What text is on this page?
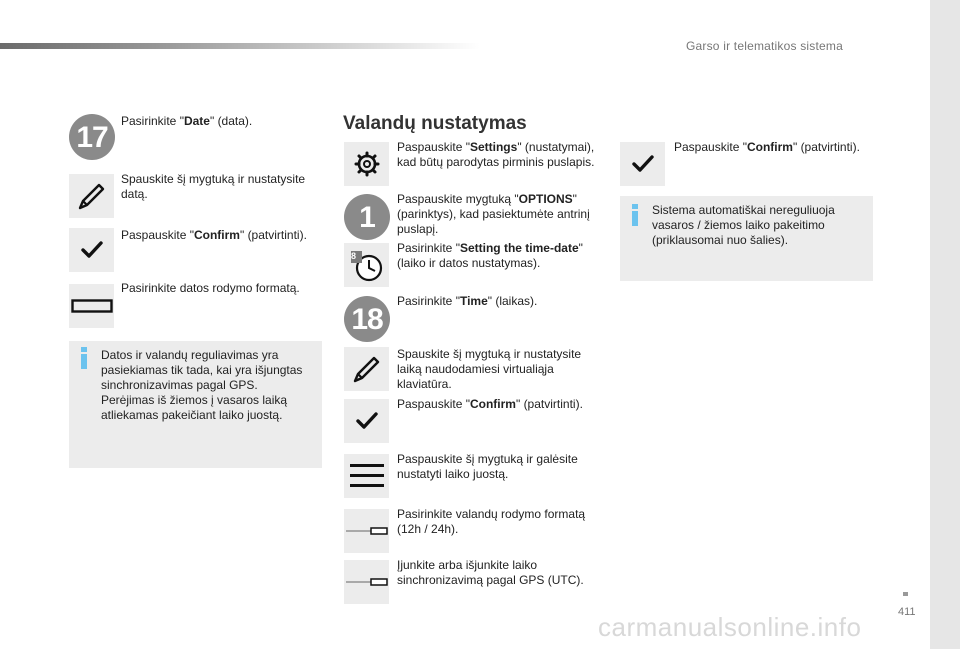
Garso ir telematikos sistema
411
17	Pasirinkite "Date" (data).
Spauskite šį mygtuką ir nustatysite datą.
Paspauskite "Confirm" (patvirtinti).
Pasirinkite datos rodymo formatą.
Datos ir valandų reguliavimas yra pasiekiamas tik tada, kai yra išjungtas sinchronizavimas pagal GPS.
Perėjimas iš žiemos į vasaros laiką atliekamas pakeičiant laiko juostą.
Valandų nustatymas
Paspauskite "Settings" (nustatymai), kad būtų parodytas pirminis puslapis.
1
Paspauskite mygtuką "OPTIONS" (parinktys), kad pasiektumėte antrinį puslapį.
8
Pasirinkite "Setting the time-date" (laiko ir datos nustatymas).
18
Pasirinkite "Time" (laikas).
Spauskite šį mygtuką ir nustatysite laiką naudodamiesi virtualiąja klaviatūra.
Paspauskite "Confirm" (patvirtinti).
Paspauskite šį mygtuką ir galėsite nustatyti laiko juostą.
Pasirinkite valandų rodymo formatą (12h / 24h).
Įjunkite arba išjunkite laiko sinchronizavimą pagal GPS (UTC).
Paspauskite "Confirm" (patvirtinti).
Sistema automatiškai nereguliuoja vasaros / žiemos laiko pakeitimo (priklausomai nuo šalies).
carmanualsonline.info
